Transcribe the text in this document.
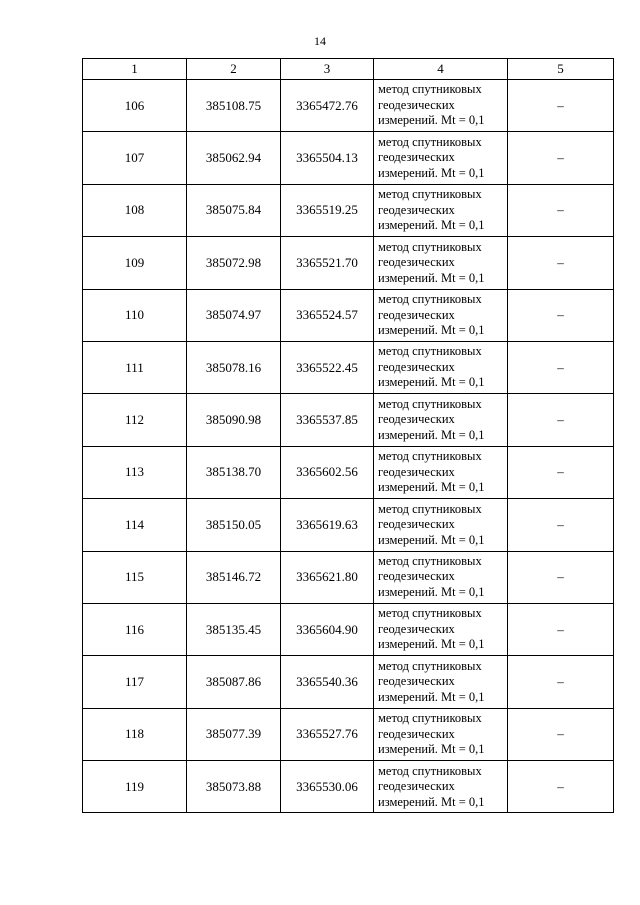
14
1	2	3	4	5
106	385108.75	3365472.76	метод спутниковых
геодезических
измерений. Mt = 0,1	–
107	385062.94	3365504.13	метод спутниковых
геодезических
измерений. Mt = 0,1	–
108	385075.84	3365519.25	метод спутниковых
геодезических
измерений. Mt = 0,1	–
109	385072.98	3365521.70	метод спутниковых
геодезических
измерений. Mt = 0,1	–
110	385074.97	3365524.57	метод спутниковых
геодезических
измерений. Mt = 0,1	–
111	385078.16	3365522.45	метод спутниковых
геодезических
измерений. Mt = 0,1	–
112	385090.98	3365537.85	метод спутниковых
геодезических
измерений. Mt = 0,1	–
113	385138.70	3365602.56	метод спутниковых
геодезических
измерений. Mt = 0,1	–
114	385150.05	3365619.63	метод спутниковых
геодезических
измерений. Mt = 0,1	–
115	385146.72	3365621.80	метод спутниковых
геодезических
измерений. Mt = 0,1	–
116	385135.45	3365604.90	метод спутниковых
геодезических
измерений. Mt = 0,1	–
117	385087.86	3365540.36	метод спутниковых
геодезических
измерений. Mt = 0,1	–
118	385077.39	3365527.76	метод спутниковых
геодезических
измерений. Mt = 0,1	–
119	385073.88	3365530.06	метод спутниковых
геодезических
измерений. Mt = 0,1	–
